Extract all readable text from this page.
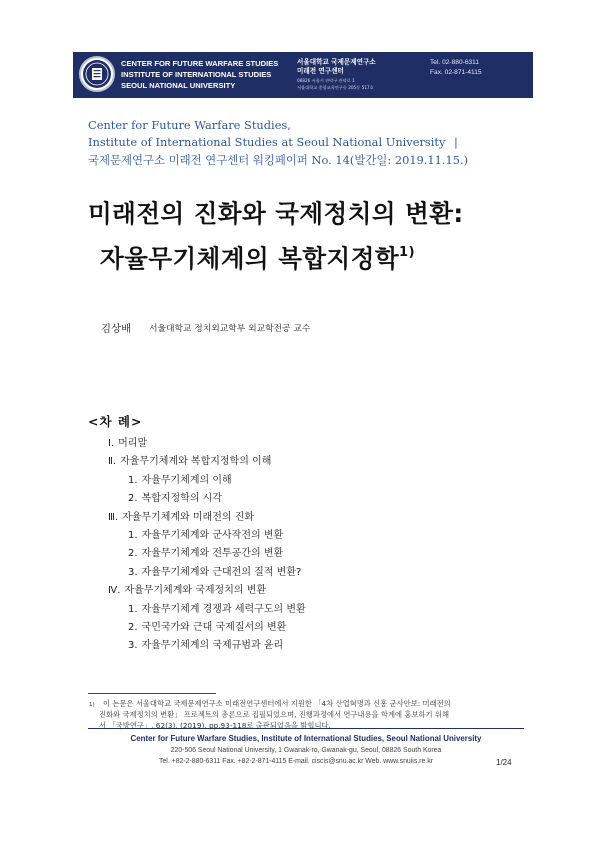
CENTER FOR FUTURE WARFARE STUDIES
INSTITUTE OF INTERNATIONAL STUDIES
SEOUL NATIONAL UNIVERSITY
서울대학교 국제문제연구소
미래전 연구센터
08826 서울시 관악구 관악로 1
서울대학교 종합교육연구동 205동 517호
Tel. 02-880-6311
Fax. 02-871-4115
Center for Future Warfare Studies,
Institute of International Studies at Seoul National University |
국제문제연구소 미래전 연구센터 워킹페이퍼 No. 14(발간일: 2019.11.15.)
미래전의 진화와 국제정치의 변환:
자율무기체계의 복합지정학$^{1)}$
김상배 서울대학교 정치외교학부 외교학전공 교수
<차 례>
Ⅰ. 머리말
Ⅱ. 자율무기체계와 복합지정학의 이해
1. 자율무기체계의 이해
2. 복합지정학의 시각
Ⅲ. 자율무기체계와 미래전의 진화
1. 자율무기체계와 군사작전의 변환
2. 자율무기체계와 전투공간의 변환
3. 자율무기체계와 근대전의 질적 변환?
Ⅳ. 자율무기체계와 국제정치의 변환
1. 자율무기체계 경쟁과 세력구도의 변환
2. 국민국가와 근대 국제질서의 변환
3. 자율무기체계의 국제규범과 윤리
1) 이 논문은 서울대학교 국제문제연구소 미래전연구센터에서 지원한 「4차 산업혁명과 신흥 군사안보: 미래전의
진화와 국제정치의 변환」 프로젝트의 총론으로 집필되었으며, 진행과정에서 연구내용을 학계에 홍보하기 위해
서 「국방연구」, 62(3), (2019), pp.93-118로 출판되었음을 밝힙니다.
Center for Future Warfare Studies, Institute of International Studies, Seoul National University
220-506 Seoul National University, 1 Gwanak-ro, Gwanak-gu, Seoul, 08826 South Korea
Tel. +82-2-880-6311 Fax. +82-2-871-4115 E-mail. ciscis@snu.ac.kr Web. www.snuiis.re.kr	1/24
